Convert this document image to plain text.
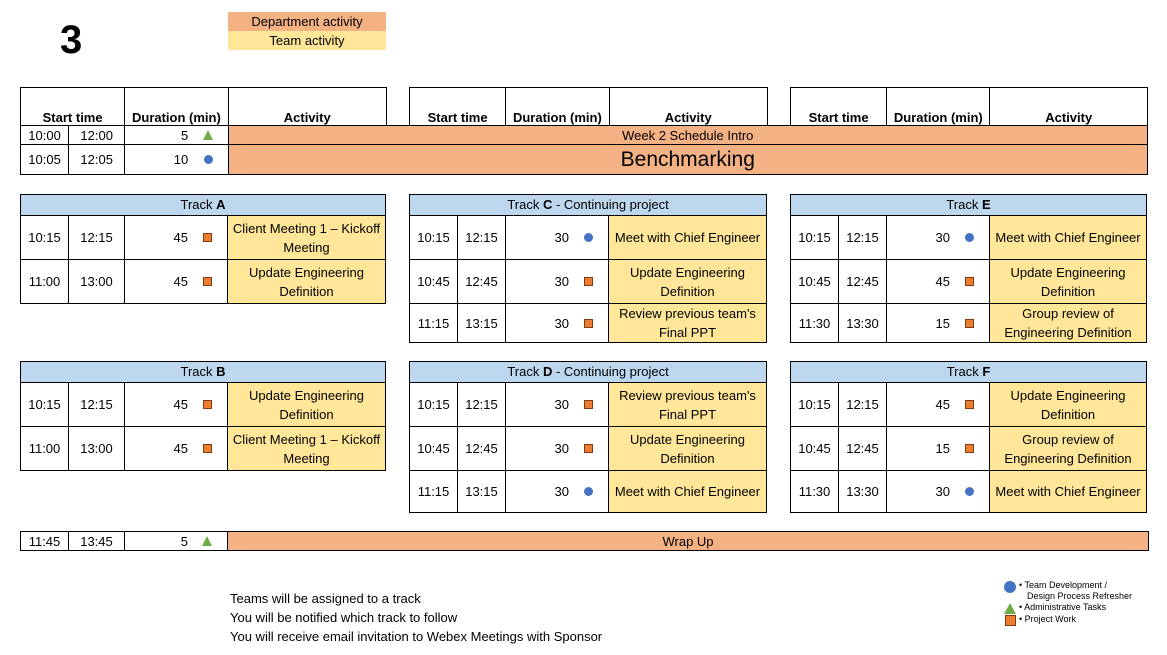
3	Department activity
Team activity
Start time		Duration (min)	Activity		Start time	Duration (min)	Activity		Start time	Duration (min)	Activity
10:00	12:00	5	Week 2 Schedule Intro								
10:05	12:05	10	Benchmarking								
Track A			
10:15	12:15	45	Client Meeting 1 – Kickoff Meeting
11:00	13:00	45	Update Engineering Definition
Track C - Continuing project			
10:15	12:15	30	Meet with Chief Engineer
10:45	12:45	30	Update Engineering Definition
11:15	13:15	30	Review previous team's Final PPT
Track E			
10:15	12:15	30	Meet with Chief Engineer
10:45	12:45	45	Update Engineering Definition
11:30	13:30	15	Group review of Engineering Definition
Track B			
10:15	12:15	45	Update Engineering Definition
11:00	13:00	45	Client Meeting 1 – Kickoff Meeting
Track D - Continuing project			
10:15	12:15	30	Review previous team's Final PPT
10:45	12:45	30	Update Engineering Definition
11:15	13:15	30	Meet with Chief Engineer
Track F			
10:15	12:15	45	Update Engineering Definition
10:45	12:45	15	Group review of Engineering Definition
11:30	13:30	30	Meet with Chief Engineer
11:45	13:45	5	Wrap Up
Teams will be assigned to a track
You will be notified which track to follow
You will receive email invitation to Webex Meetings with Sponsor
• Team Development /
Design Process Refresher
• Administrative Tasks
• Project Work
